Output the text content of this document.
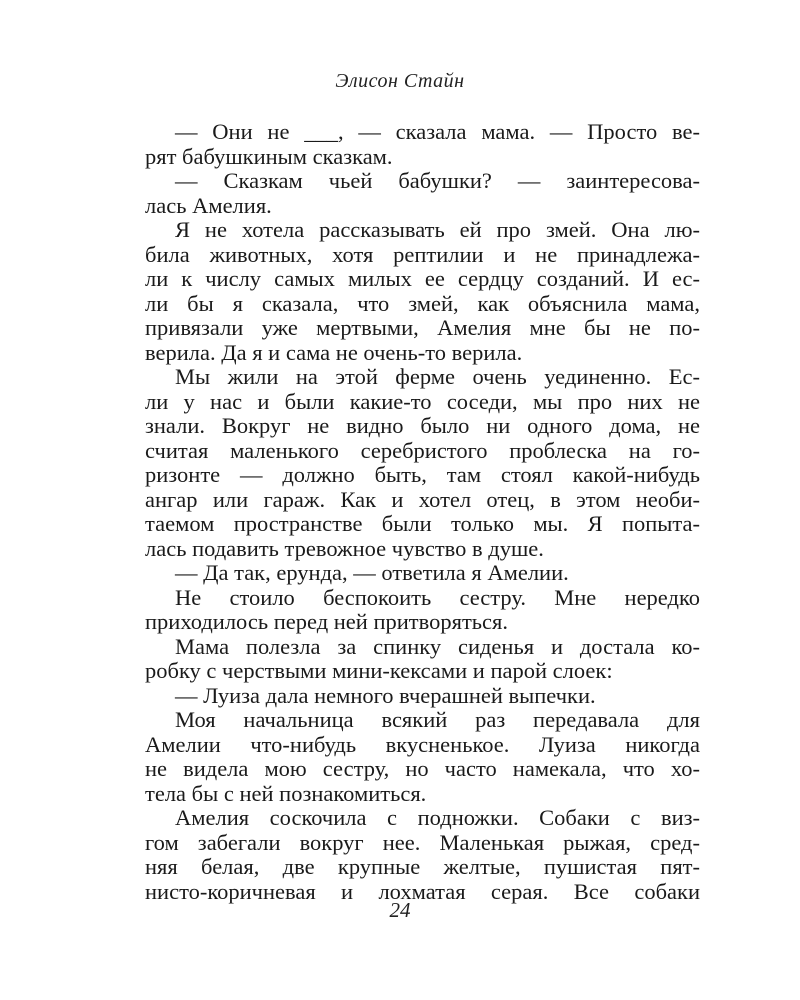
Элисон Стайн
— Они не ___, — сказала мама. — Просто ве-
рят бабушкиным сказкам.
— Сказкам чьей бабушки? — заинтересова-
лась Амелия.
Я не хотела рассказывать ей про змей. Она лю-
била животных, хотя рептилии и не принадлежа-
ли к числу самых милых ее сердцу созданий. И ес-
ли бы я сказала, что змей, как объяснила мама,
привязали уже мертвыми, Амелия мне бы не по-
верила. Да я и сама не очень-то верила.
Мы жили на этой ферме очень уединенно. Ес-
ли у нас и были какие-то соседи, мы про них не
знали. Вокруг не видно было ни одного дома, не
считая маленького серебристого проблеска на го-
ризонте — должно быть, там стоял какой-нибудь
ангар или гараж. Как и хотел отец, в этом необи-
таемом пространстве были только мы. Я попыта-
лась подавить тревожное чувство в душе.
— Да так, ерунда, — ответила я Амелии.
Не стоило беспокоить сестру. Мне нередко
приходилось перед ней притворяться.
Мама полезла за спинку сиденья и достала ко-
робку с черствыми мини-кексами и парой слоек:
— Луиза дала немного вчерашней выпечки.
Моя начальница всякий раз передавала для
Амелии что-нибудь вкусненькое. Луиза никогда
не видела мою сестру, но часто намекала, что хо-
тела бы с ней познакомиться.
Амелия соскочила с подножки. Собаки с виз-
гом забегали вокруг нее. Маленькая рыжая, сред-
няя белая, две крупные желтые, пушистая пят-
нисто-коричневая и лохматая серая. Все собаки
24
